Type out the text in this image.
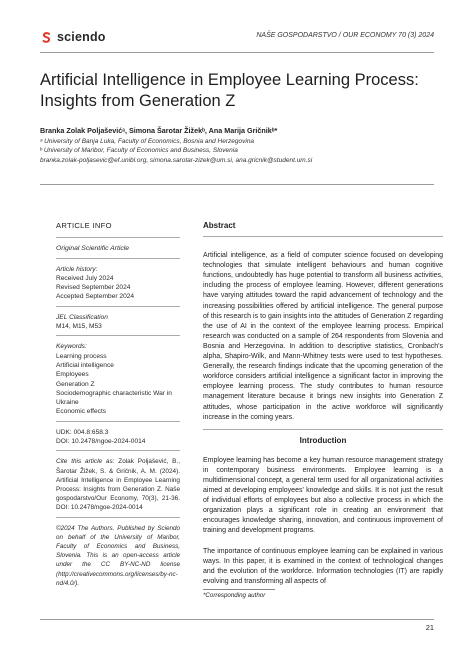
sciendo	NAŠE GOSPODARSTVO / OUR ECONOMY 70 (3) 2024
Artificial Intelligence in Employee Learning Process:
Insights from Generation Z
Branka Zolak Poljaševićᵃ, Simona Šarotar Žižekᵇ, Ana Marija Gričnikᵇ*
ᵃ University of Banja Luka, Faculty of Economics, Bosnia and Herzegovina
ᵇ University of Maribor, Faculty of Economics and Business, Slovenia
branka.zolak-poljasevic@ef.unibl.org, simona.sarotar-zizek@um.si, ana.gricnik@student.um.si
ARTICLE INFO
Original Scientific Article
Article history:
Received July 2024
Revised September 2024
Accepted September 2024
JEL Classification
M14, M15, M53
Keywords:
Learning process
Artificial intelligence
Employees
Generation Z
Sociodemographic characteristic War in Ukraine
Economic effects
UDK: 004.8:658.3
DOI: 10.2478/ngoe-2024-0014
Cite this article as: Zolak Poljašević, B., Šarotar Žižek, S. & Gričnik, A. M. (2024). Artificial Intelligence in Employee Learning Process: Insights from Generation Z. Naše gospodarstvo/Our Economy, 70(3), 21-36. DOI: 10.2478/ngoe-2024-0014
©2024 The Authors. Published by Sciendo on behalf of the University of Maribor, Faculty of Economics and Business, Slovenia. This is an open-access article under the CC BY-NC-ND license (http://creativecommons.org/licenses/by-nc-nd/4.0/).
Abstract

Artificial intelligence, as a field of computer science focused on developing technologies that simulate intelligent behaviours and human cognitive functions, undoubtedly has huge potential to transform all business activities, including the process of employee learning. However, different generations have varying attitudes toward the rapid advancement of technology and the increasing possibilities offered by artificial intelligence. The general purpose of this research is to gain insights into the attitudes of Generation Z regarding the use of AI in the context of the employee learning process. Empirical research was conducted on a sample of 264 respondents from Slovenia and Bosnia and Herzegovina. In addition to descriptive statistics, Cronbach's alpha, Shapiro-Wilk, and Mann-Whitney tests were used to test hypotheses. Generally, the research findings indicate that the upcoming generation of the workforce considers artificial intelligence a significant factor in improving the employee learning process. The study contributes to human resource management literature because it brings new insights into Generation Z attitudes, whose participation in the active workforce will significantly increase in the coming years.

Introduction

Employee learning has become a key human resource management strategy in contemporary business environments. Employee learning is a multidimensional concept, a general term used for all organizational activities aimed at developing employees' knowledge and skills. It is not just the result of individual efforts of employees but also a collective process in which the organization plays a significant role in creating an environment that encourages knowledge sharing, innovation, and continuous improvement of training and development programs.

The importance of continuous employee learning can be explained in various ways. In this paper, it is examined in the context of technological changes and the evolution of the workforce. Information technologies (IT) are rapidly evolving and transforming all aspects of

*Corresponding author
21
